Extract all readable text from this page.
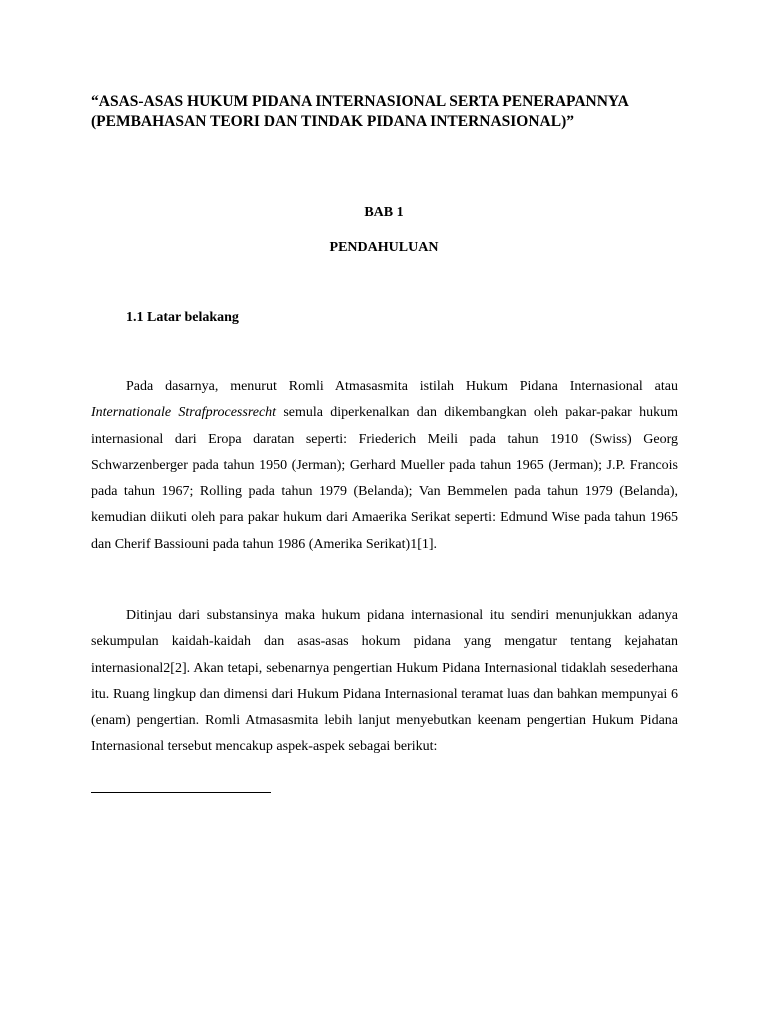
“ASAS-ASAS HUKUM PIDANA INTERNASIONAL SERTA PENERAPANNYA (PEMBAHASAN TEORI DAN TINDAK PIDANA INTERNASIONAL)”

BAB 1

PENDAHULUAN

1.1 Latar belakang

Pada dasarnya, menurut Romli Atmasasmita istilah Hukum Pidana Internasional atau Internationale Strafprocessrecht semula diperkenalkan dan dikembangkan oleh pakar-pakar hukum internasional dari Eropa daratan seperti: Friederich Meili pada tahun 1910 (Swiss) Georg Schwarzenberger pada tahun 1950 (Jerman); Gerhard Mueller pada tahun 1965 (Jerman); J.P. Francois pada tahun 1967; Rolling pada tahun 1979 (Belanda); Van Bemmelen pada tahun 1979 (Belanda), kemudian diikuti oleh para pakar hukum dari Amaerika Serikat seperti: Edmund Wise pada tahun 1965 dan Cherif Bassiouni pada tahun 1986 (Amerika Serikat)1[1].

Ditinjau dari substansinya maka hukum pidana internasional itu sendiri menunjukkan adanya sekumpulan kaidah-kaidah dan asas-asas hokum pidana yang mengatur tentang kejahatan internasional2[2]. Akan tetapi, sebenarnya pengertian Hukum Pidana Internasional tidaklah sesederhana itu. Ruang lingkup dan dimensi dari Hukum Pidana Internasional teramat luas dan bahkan mempunyai 6 (enam) pengertian. Romli Atmasasmita lebih lanjut menyebutkan keenam pengertian Hukum Pidana Internasional tersebut mencakup aspek-aspek sebagai berikut:
